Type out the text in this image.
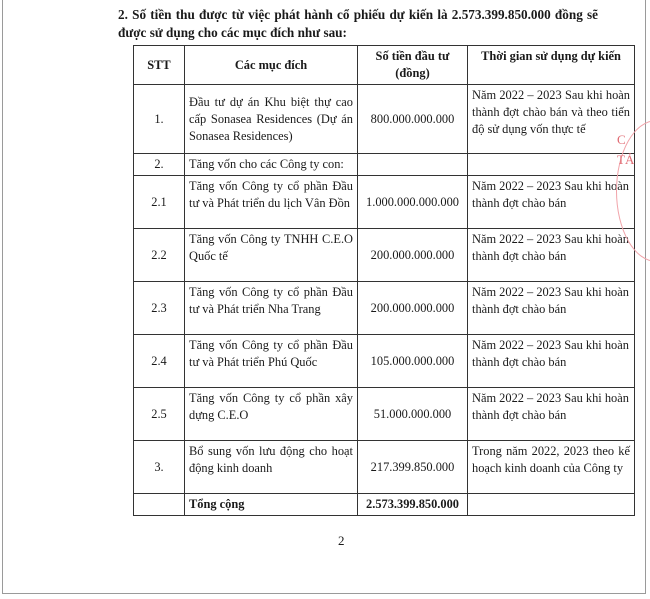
2. Số tiền thu được từ việc phát hành cổ phiếu dự kiến là 2.573.399.850.000 đồng sẽ được sử dụng cho các mục đích như sau:
STT	Các mục đích	Số tiền đầu tư (đồng)	Thời gian sử dụng dự kiến
1.	Đầu tư dự án Khu biệt thự cao cấp Sonasea Residences (Dự án Sonasea Residences)	800.000.000.000	Năm 2022 – 2023 Sau khi hoàn thành đợt chào bán và theo tiến độ sử dụng vốn thực tế
2.	Tăng vốn cho các Công ty con:		
2.1	Tăng vốn Công ty cổ phần Đầu tư và Phát triển du lịch Vân Đồn	1.000.000.000.000	Năm 2022 – 2023 Sau khi hoàn thành đợt chào bán
2.2	Tăng vốn Công ty TNHH C.E.O Quốc tế	200.000.000.000	Năm 2022 – 2023 Sau khi hoàn thành đợt chào bán
2.3	Tăng vốn Công ty cổ phần Đầu tư và Phát triển Nha Trang	200.000.000.000	Năm 2022 – 2023 Sau khi hoàn thành đợt chào bán
2.4	Tăng vốn Công ty cổ phần Đầu tư và Phát triển Phú Quốc	105.000.000.000	Năm 2022 – 2023 Sau khi hoàn thành đợt chào bán
2.5	Tăng vốn Công ty cổ phần xây dựng C.E.O	51.000.000.000	Năm 2022 – 2023 Sau khi hoàn thành đợt chào bán
3.	Bổ sung vốn lưu động cho hoạt động kinh doanh	217.399.850.000	Trong năm 2022, 2023 theo kế hoạch kinh doanh của Công ty
	Tổng cộng	2.573.399.850.000	
2
C
TẢ
